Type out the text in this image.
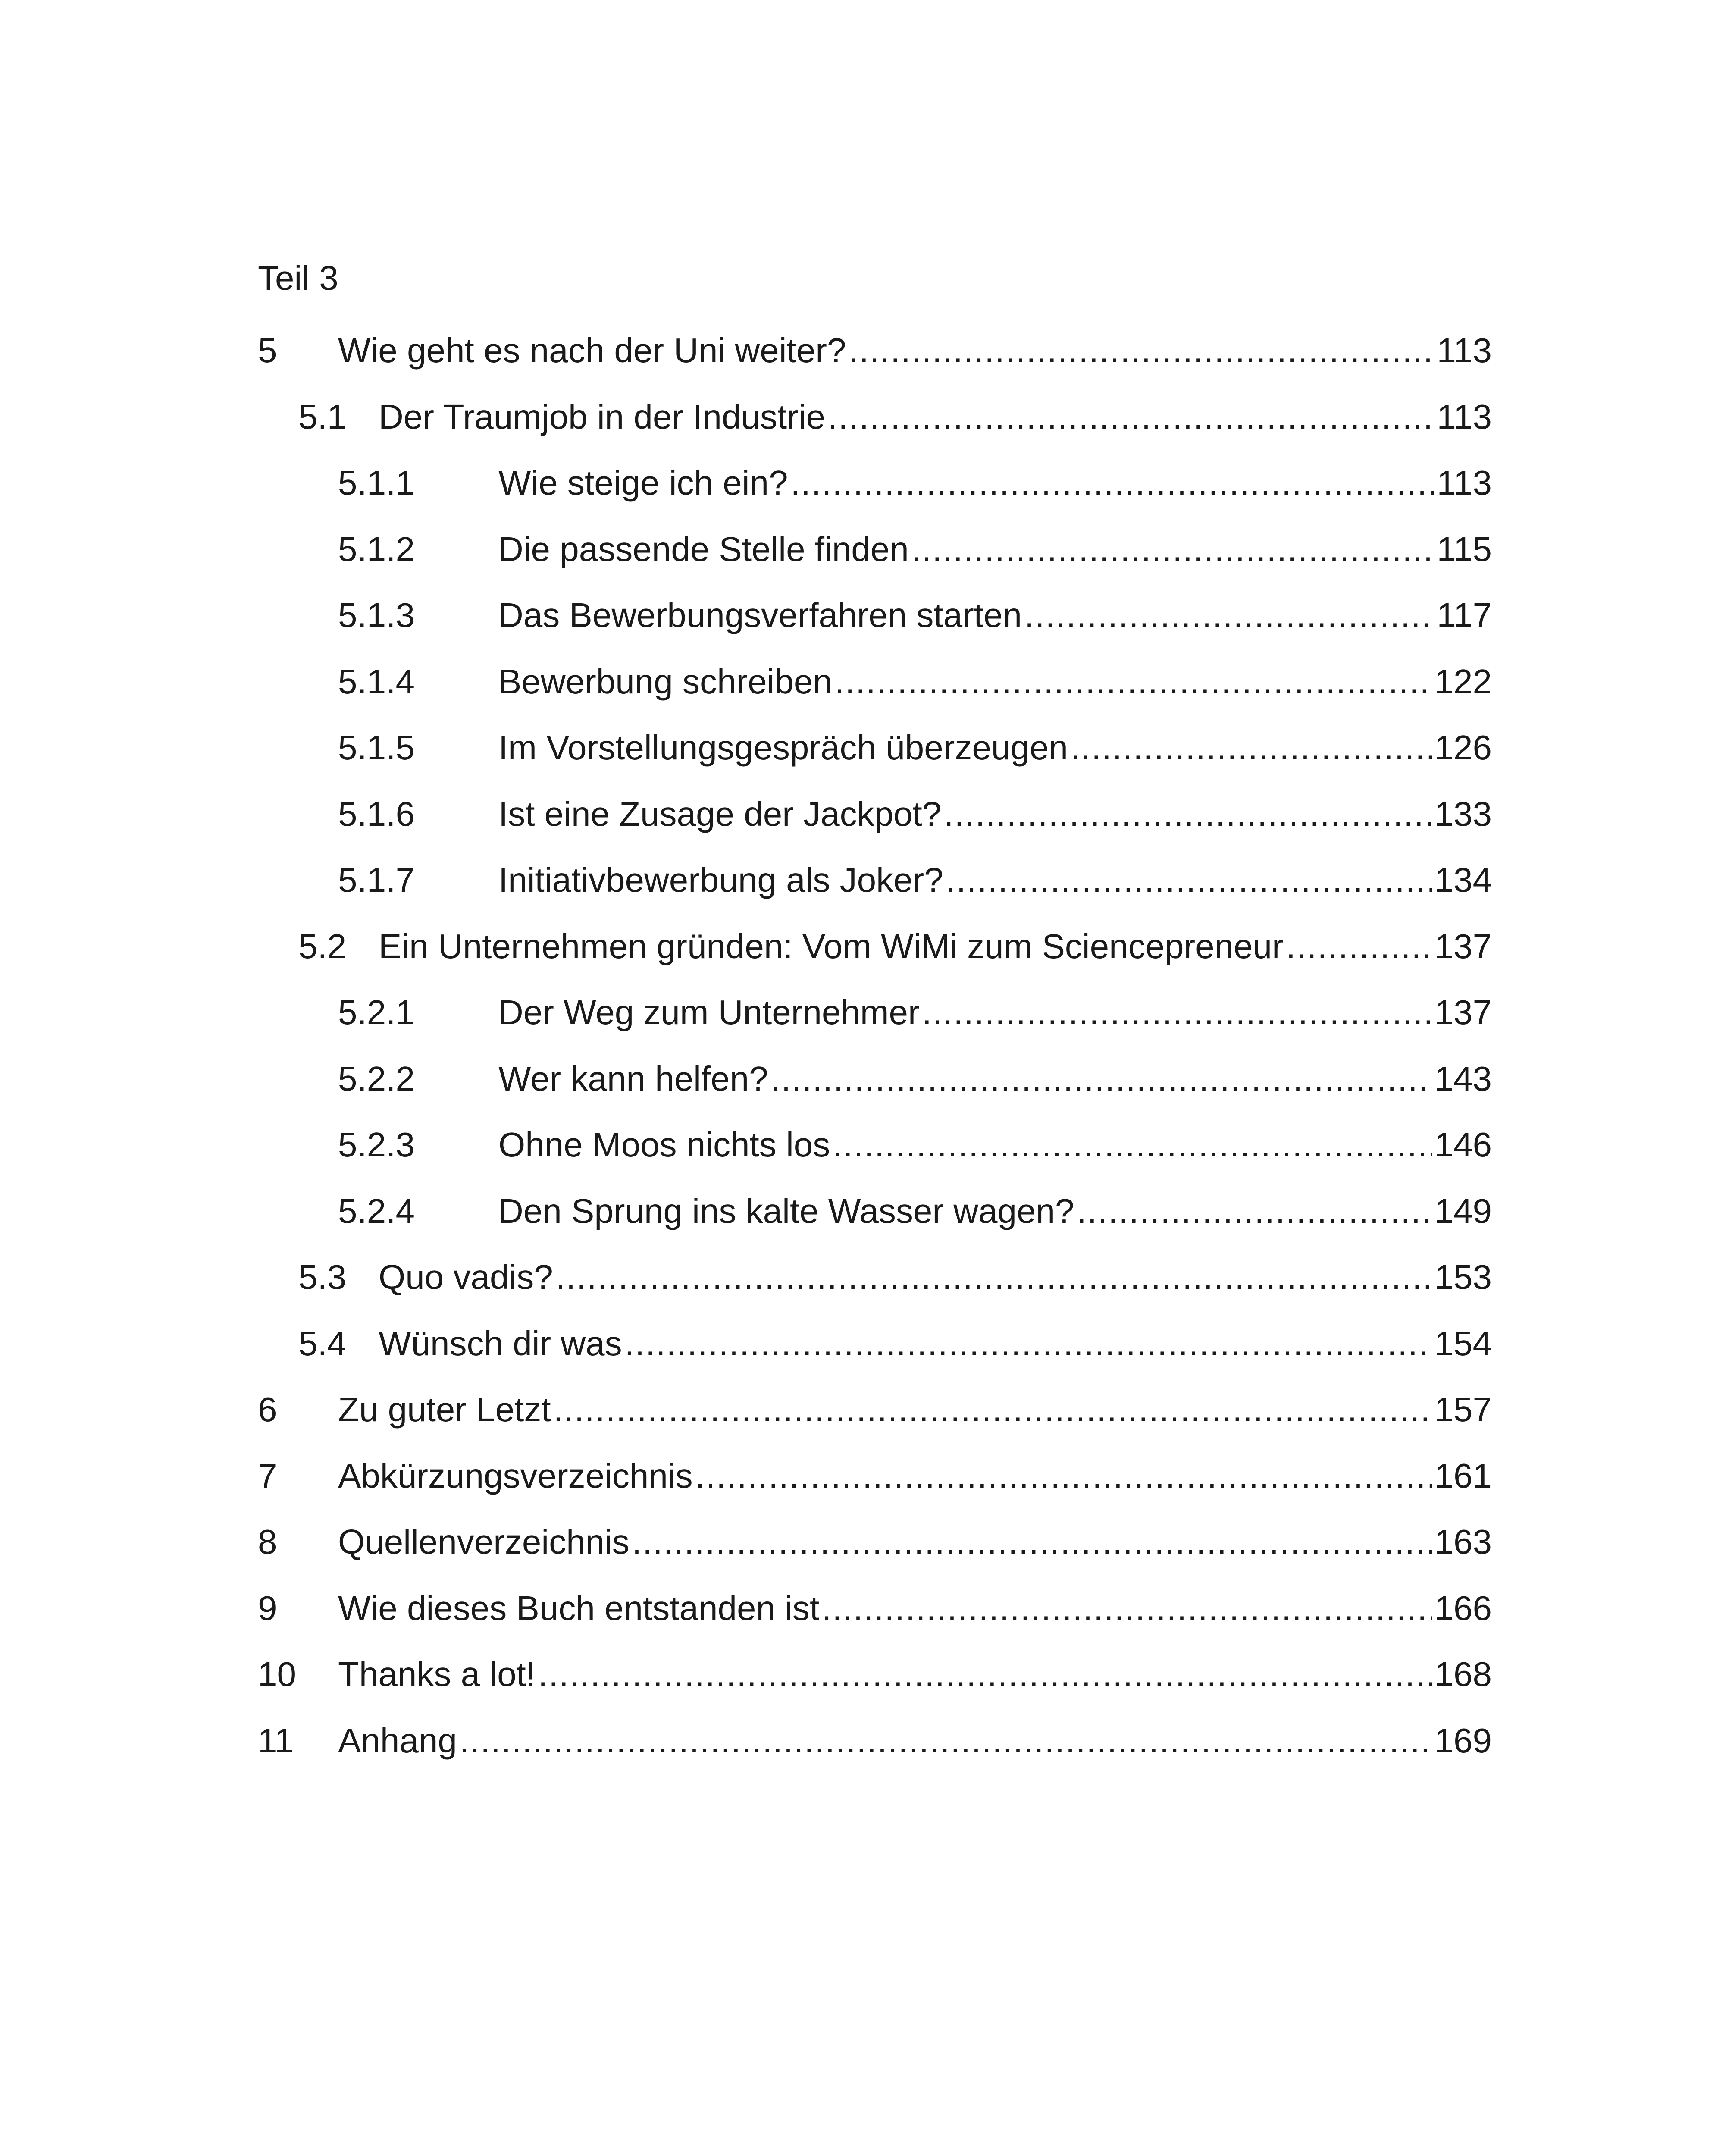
Teil 3
5	Wie geht es nach der Uni weiter? .....	113
5.1 Der Traumjob in der Industrie .....	113
5.1.1	Wie steige ich ein? .....	113
5.1.2	Die passende Stelle finden .....	115
5.1.3	Das Bewerbungsverfahren starten .....	117
5.1.4	Bewerbung schreiben .....	122
5.1.5	Im Vorstellungsgespräch überzeugen .....	126
5.1.6	Ist eine Zusage der Jackpot? .....	133
5.1.7	Initiativbewerbung als Joker? .....	134
5.2 Ein Unternehmen gründen: Vom WiMi zum Sciencepreneur .....	137
5.2.1	Der Weg zum Unternehmer .....	137
5.2.2	Wer kann helfen? .....	143
5.2.3	Ohne Moos nichts los .....	146
5.2.4	Den Sprung ins kalte Wasser wagen? .....	149
5.3 Quo vadis? .....	153
5.4 Wünsch dir was .....	154
6	Zu guter Letzt .....	157
7	Abkürzungsverzeichnis .....	161
8	Quellenverzeichnis .....	163
9	Wie dieses Buch entstanden ist .....	166
10	Thanks a lot! .....	168
11	Anhang .....	169
